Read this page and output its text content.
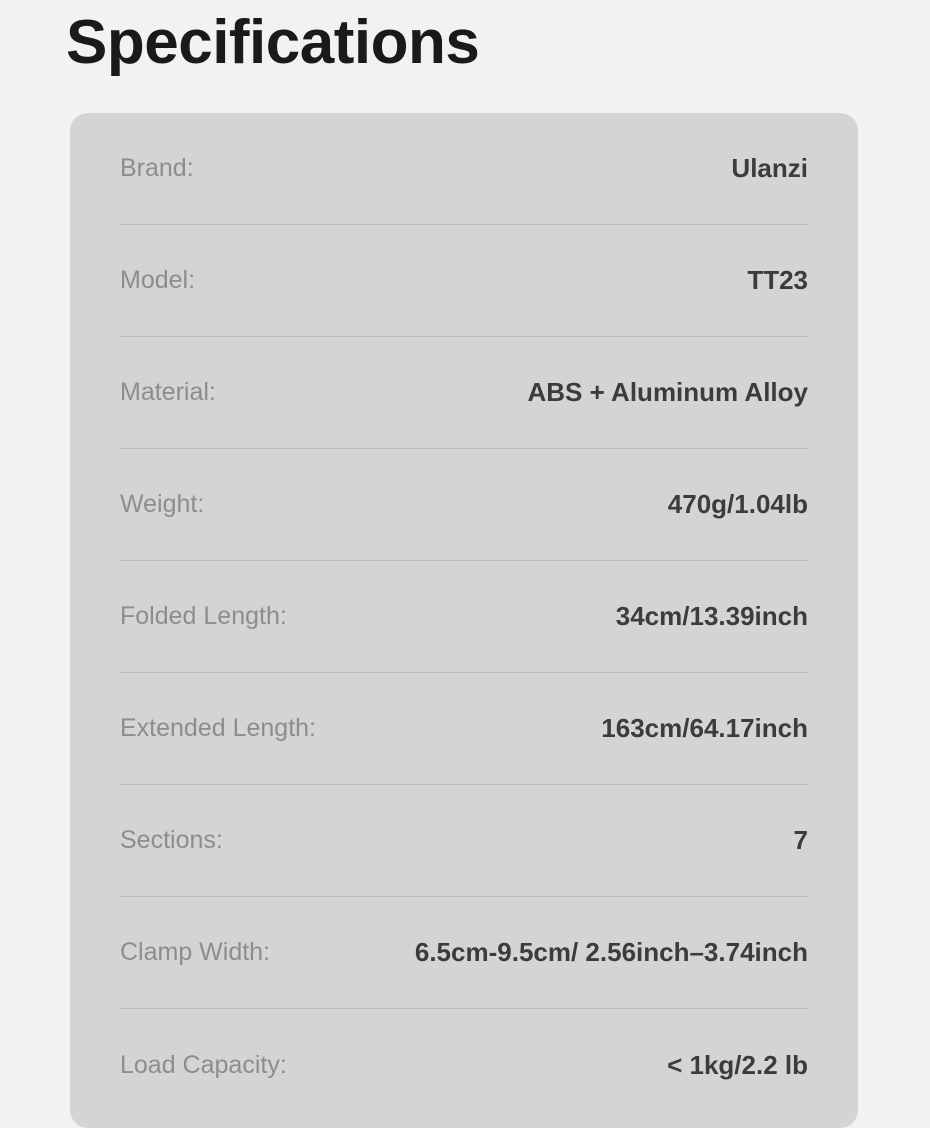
Specifications
Brand:	Ulanzi
Model:	TT23
Material:	ABS + Aluminum Alloy
Weight:	470g/1.04lb
Folded Length:	34cm/13.39inch
Extended Length:	163cm/64.17inch
Sections:	7
Clamp Width:	6.5cm-9.5cm/ 2.56inch–3.74inch
Load Capacity:	< 1kg/2.2 lb
